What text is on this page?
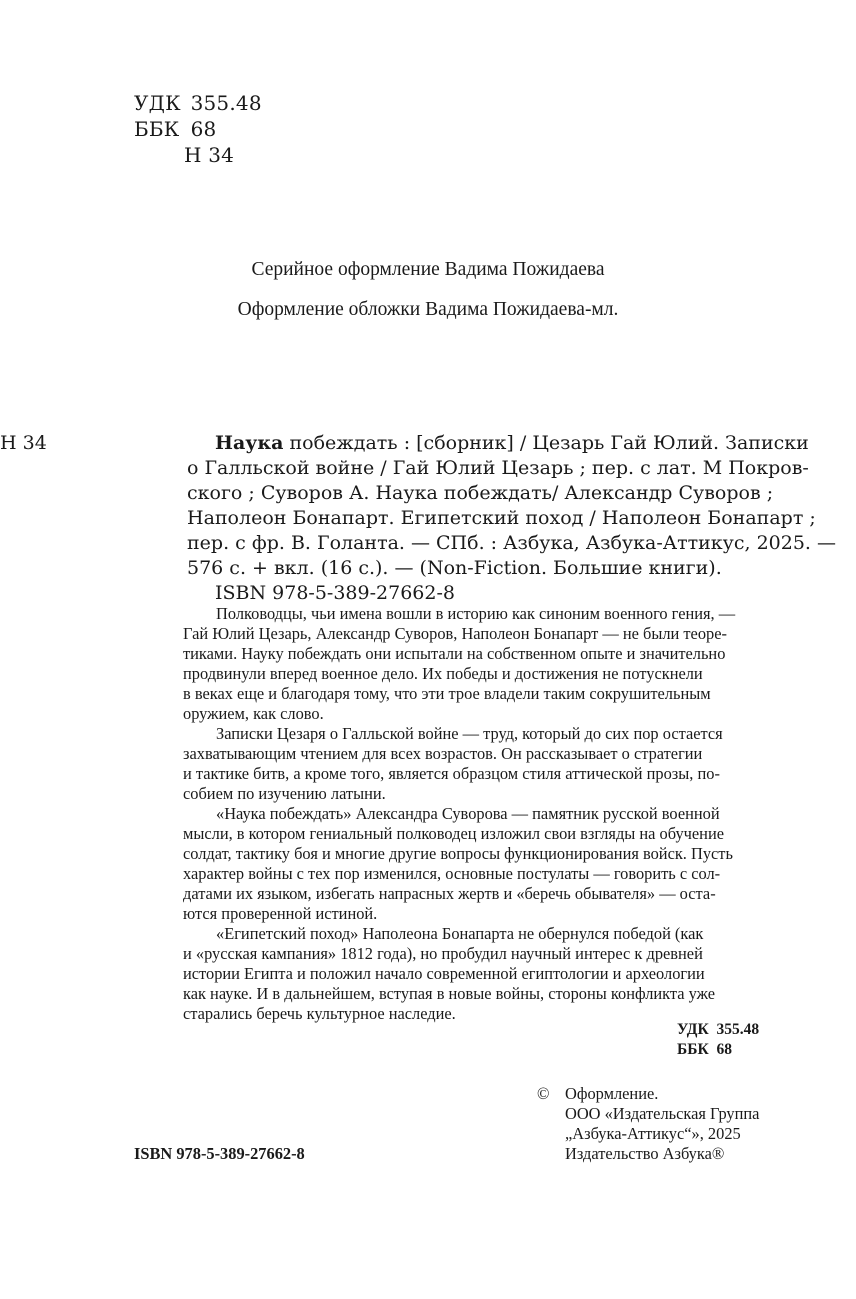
УДК 355.48
ББК 68
Н 34
Серийное оформление Вадима Пожидаева
Оформление обложки Вадима Пожидаева-мл.
Н 34	Наука побеждать : [сборник] / Цезарь Гай Юлий. Записки
о Галльской войне / Гай Юлий Цезарь ; пер. с лат. М Покров-
ского ; Суворов А. Наука побеждать/ Александр Суворов ;
Наполеон Бонапарт. Египетский поход / Наполеон Бонапарт ;
пер. с фр. В. Голанта. — СПб. : Азбука, Азбука-Аттикус, 2025. —
576 с. + вкл. (16 с.). — (Non-Fiction. Большие книги).
ISBN 978-5-389-27662-8
Полководцы, чьи имена вошли в историю как синоним военного гения, —
Гай Юлий Цезарь, Александр Суворов, Наполеон Бонапарт — не были теоре-
тиками. Науку побеждать они испытали на собственном опыте и значительно
продвинули вперед военное дело. Их победы и достижения не потускнели
в веках еще и благодаря тому, что эти трое владели таким сокрушительным
оружием, как слово.
Записки Цезаря о Галльской войне — труд, который до сих пор остается
захватывающим чтением для всех возрастов. Он рассказывает о стратегии
и тактике битв, а кроме того, является образцом стиля аттической прозы, по-
собием по изучению латыни.
«Наука побеждать» Александра Суворова — памятник русской военной
мысли, в котором гениальный полководец изложил свои взгляды на обучение
солдат, тактику боя и многие другие вопросы функционирования войск. Пусть
характер войны с тех пор изменился, основные постулаты — говорить с сол-
датами их языком, избегать напрасных жертв и «беречь обывателя» — оста-
ются проверенной истиной.
«Египетский поход» Наполеона Бонапарта не обернулся победой (как
и «русская кампания» 1812 года), но пробудил научный интерес к древней
истории Египта и положил начало современной египтологии и археологии
как науке. И в дальнейшем, вступая в новые войны, стороны конфликта уже
старались беречь культурное наследие.
УДК 355.48
ББК 68
© Оформление.
ООО «Издательская Группа
„Азбука-Аттикус“», 2025
Издательство Азбука®
ISBN 978-5-389-27662-8
